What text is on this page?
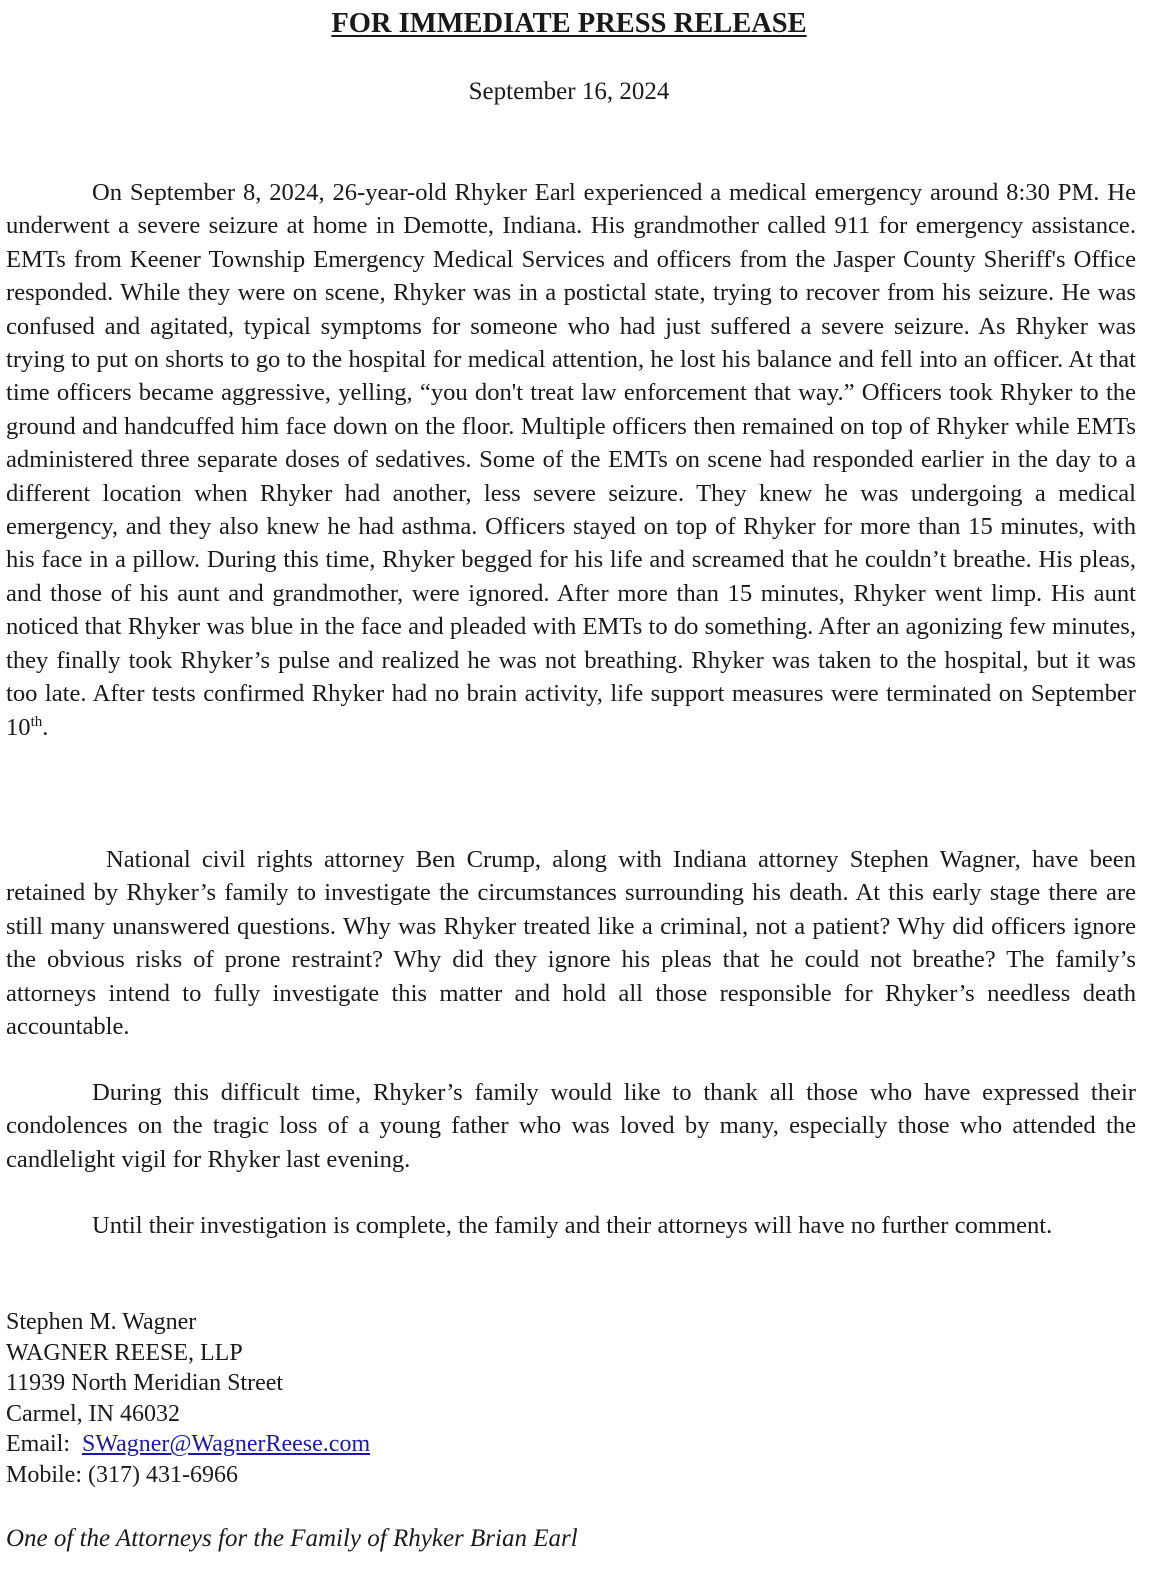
FOR IMMEDIATE PRESS RELEASE
September 16, 2024

On September 8, 2024, 26-year-old Rhyker Earl experienced a medical emergency around 8:30 PM. He underwent a severe seizure at home in Demotte, Indiana. His grandmother called 911 for emergency assistance. EMTs from Keener Township Emergency Medical Services and officers from the Jasper County Sheriff's Office responded. While they were on scene, Rhyker was in a postictal state, trying to recover from his seizure. He was confused and agitated, typical symptoms for someone who had just suffered a severe seizure. As Rhyker was trying to put on shorts to go to the hospital for medical attention, he lost his balance and fell into an officer. At that time officers became aggressive, yelling, “you don't treat law enforcement that way.” Officers took Rhyker to the ground and handcuffed him face down on the floor. Multiple officers then remained on top of Rhyker while EMTs administered three separate doses of sedatives. Some of the EMTs on scene had responded earlier in the day to a different location when Rhyker had another, less severe seizure. They knew he was undergoing a medical emergency, and they also knew he had asthma. Officers stayed on top of Rhyker for more than 15 minutes, with his face in a pillow. During this time, Rhyker begged for his life and screamed that he couldn’t breathe. His pleas, and those of his aunt and grandmother, were ignored. After more than 15 minutes, Rhyker went limp. His aunt noticed that Rhyker was blue in the face and pleaded with EMTs to do something. After an agonizing few minutes, they finally took Rhyker’s pulse and realized he was not breathing. Rhyker was taken to the hospital, but it was too late. After tests confirmed Rhyker had no brain activity, life support measures were terminated on September 10th.

National civil rights attorney Ben Crump, along with Indiana attorney Stephen Wagner, have been retained by Rhyker’s family to investigate the circumstances surrounding his death. At this early stage there are still many unanswered questions. Why was Rhyker treated like a criminal, not a patient? Why did officers ignore the obvious risks of prone restraint? Why did they ignore his pleas that he could not breathe? The family’s attorneys intend to fully investigate this matter and hold all those responsible for Rhyker’s needless death accountable.

During this difficult time, Rhyker’s family would like to thank all those who have expressed their condolences on the tragic loss of a young father who was loved by many, especially those who attended the candlelight vigil for Rhyker last evening.

Until their investigation is complete, the family and their attorneys will have no further comment.

Stephen M. Wagner
WAGNER REESE, LLP
11939 North Meridian Street
Carmel, IN 46032
Email:  SWagner@WagnerReese.com
Mobile: (317) 431-6966
One of the Attorneys for the Family of Rhyker Brian Earl
